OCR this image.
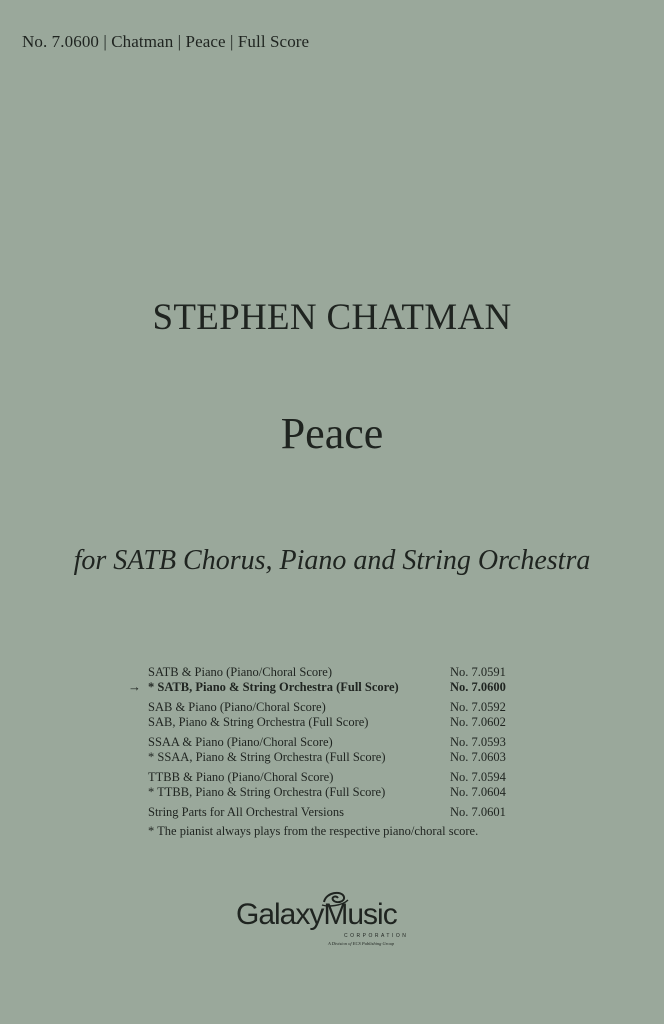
No. 7.0600 | Chatman | Peace | Full Score
STEPHEN CHATMAN
Peace
for SATB Chorus, Piano and String Orchestra
SATB & Piano (Piano/Choral Score)	No. 7.0591
→ * SATB, Piano & String Orchestra (Full Score)	No. 7.0600
SAB & Piano (Piano/Choral Score)	No. 7.0592
SAB, Piano & String Orchestra (Full Score)	No. 7.0602
SSAA & Piano (Piano/Choral Score)	No. 7.0593
* SSAA, Piano & String Orchestra (Full Score)	No. 7.0603
TTBB & Piano (Piano/Choral Score)	No. 7.0594
* TTBB, Piano & String Orchestra (Full Score)	No. 7.0604
String Parts for All Orchestral Versions	No. 7.0601
* The pianist always plays from the respective piano/choral score.
GalaxyMusic
CORPORATION
A Division of ECS Publishing Group
